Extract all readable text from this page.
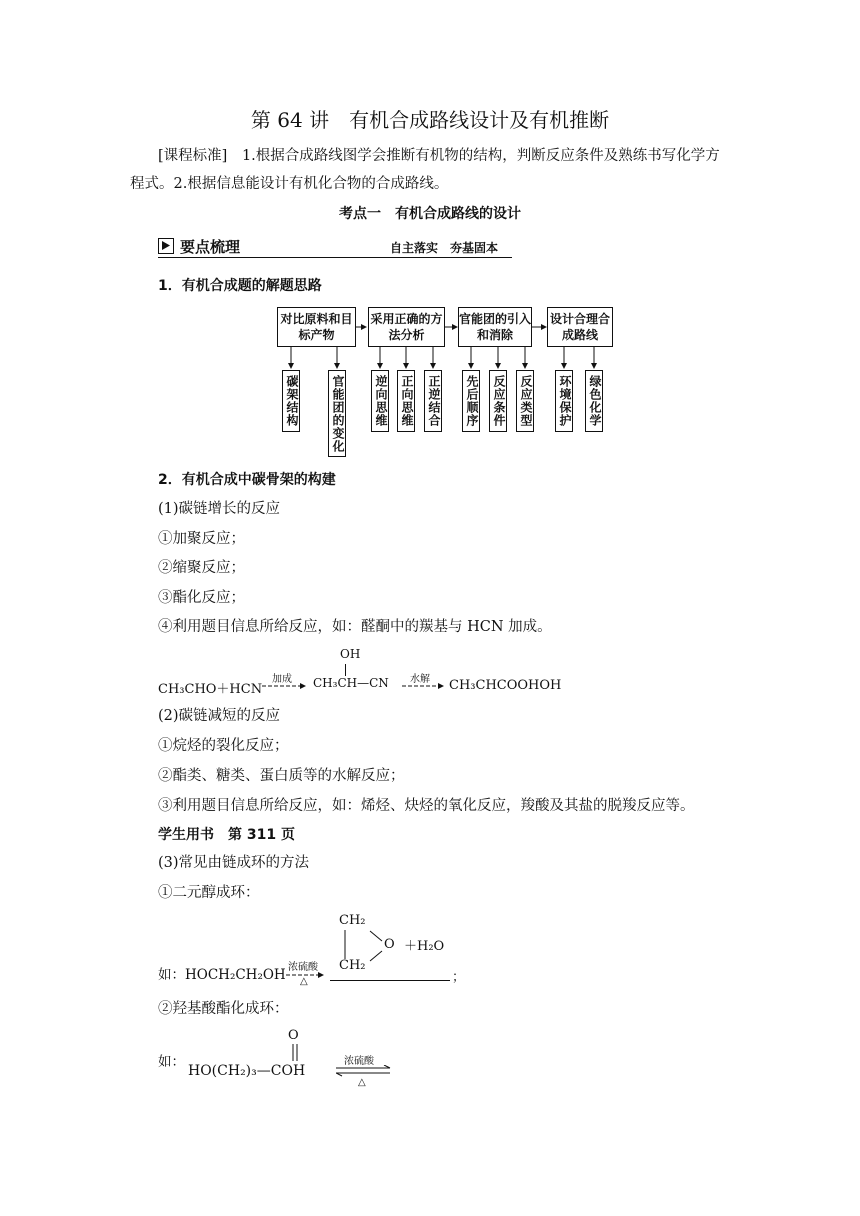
第 64 讲　有机合成路线设计及有机推断
[课程标准] 1.根据合成路线图学会推断有机物的结构，判断反应条件及熟练书写化学方
程式。2.根据信息能设计有机化合物的合成路线。
考点一　有机合成路线的设计
要点梳理	自主落实　夯基固本
1．有机合成题的解题思路
对比原料和目标产物
采用正确的方法分析
官能团的引入和消除
设计合理合成路线
碳架结构	官能团的变化 逆向思维 正向思维 正逆结合 先后顺序 反应条件 反应类型 环境保护 绿色化学
2．有机合成中碳骨架的构建
(1)碳链增长的反应
①加聚反应；
②缩聚反应；
③酯化反应；
④利用题目信息所给反应，如：醛酮中的羰基与 HCN 加成。
CH₃CHO＋HCN
加成
OH
CH₃CH—CN 水解 → CH₃CHCOOHOH
(2)碳链减短的反应
①烷烃的裂化反应；
②酯类、糖类、蛋白质等的水解反应；
③利用题目信息所给反应，如：烯烃、炔烃的氧化反应，羧酸及其盐的脱羧反应等。
学生用书　第 311 页
(3)常见由链成环的方法
①二元醇成环：
如：HOCH₂CH₂OH 浓硫酸
△
CH₂
O
CH₂
＋H₂O
；
②羟基酸酯化成环：
如：
O
HO(CH₂)₃—COH
浓硫酸
△
